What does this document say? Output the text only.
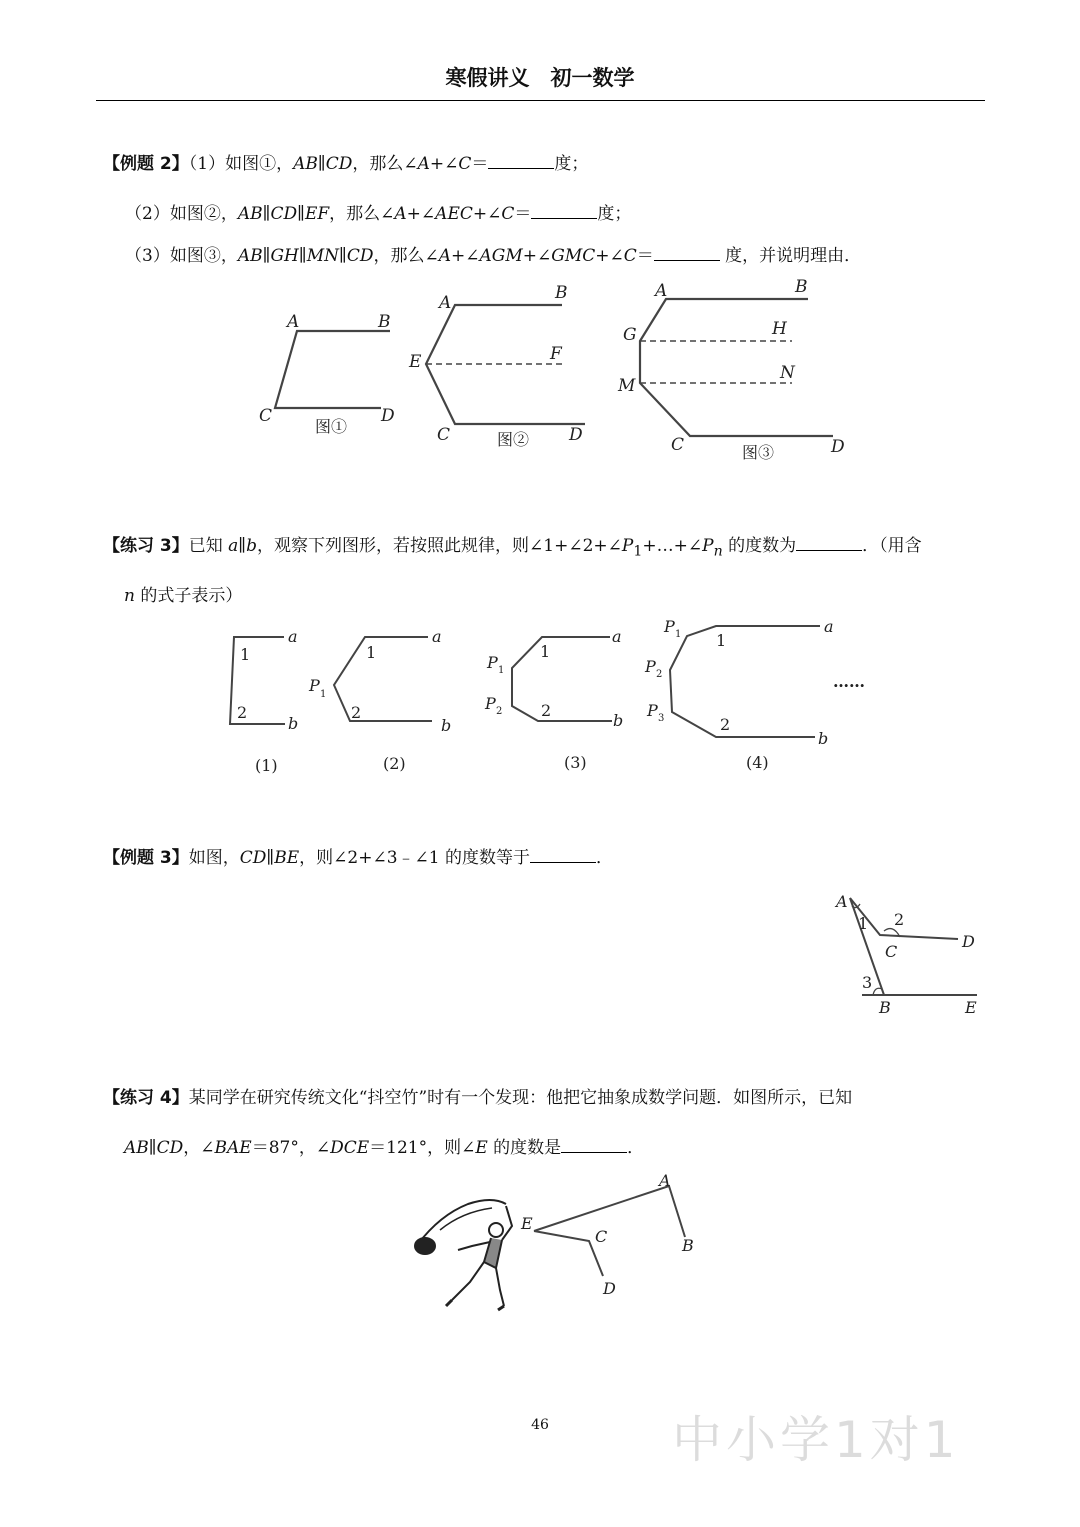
寒假讲义　初一数学
【例题 2】（1）如图①，AB∥CD，那么∠A+∠C＝	度；
（2）如图②，AB∥CD∥EF，那么∠A+∠AEC+∠C＝	度；
（3）如图③，AB∥GH∥MN∥CD，那么∠A+∠AGM+∠GMC+∠C＝	度，并说明理由．
【练习 3】已知 a∥b，观察下列图形，若按照此规律，则$\angle 1+\angle 2+\angle P_1+\dots+\angle P_n$ 的度数为	．（用含
n 的式子表示）
【例题 3】如图，CD∥BE，则∠2+∠3﹣∠1 的度数等于	．
【练习 4】某同学在研究传统文化“抖空竹”时有一个发现：他把它抽象成数学问题．如图所示，已知
AB∥CD，∠BAE＝87°，∠DCE＝121°，则∠E 的度数是	．
A	B
C	D
图①
A	B
E	F
C	D
图②
A	B
G	H
M
N
C	D
图③
a
1
2
b
(1)
a
1
P 1
2
b
(2)
a
1
P 1
P 2 2
b
(3)
a
P 1 1
P 2
P 3	2
b
(4)
……
A
1 2
C
D
3
B	E
A
B
C
D
E
46	中小学1对1
